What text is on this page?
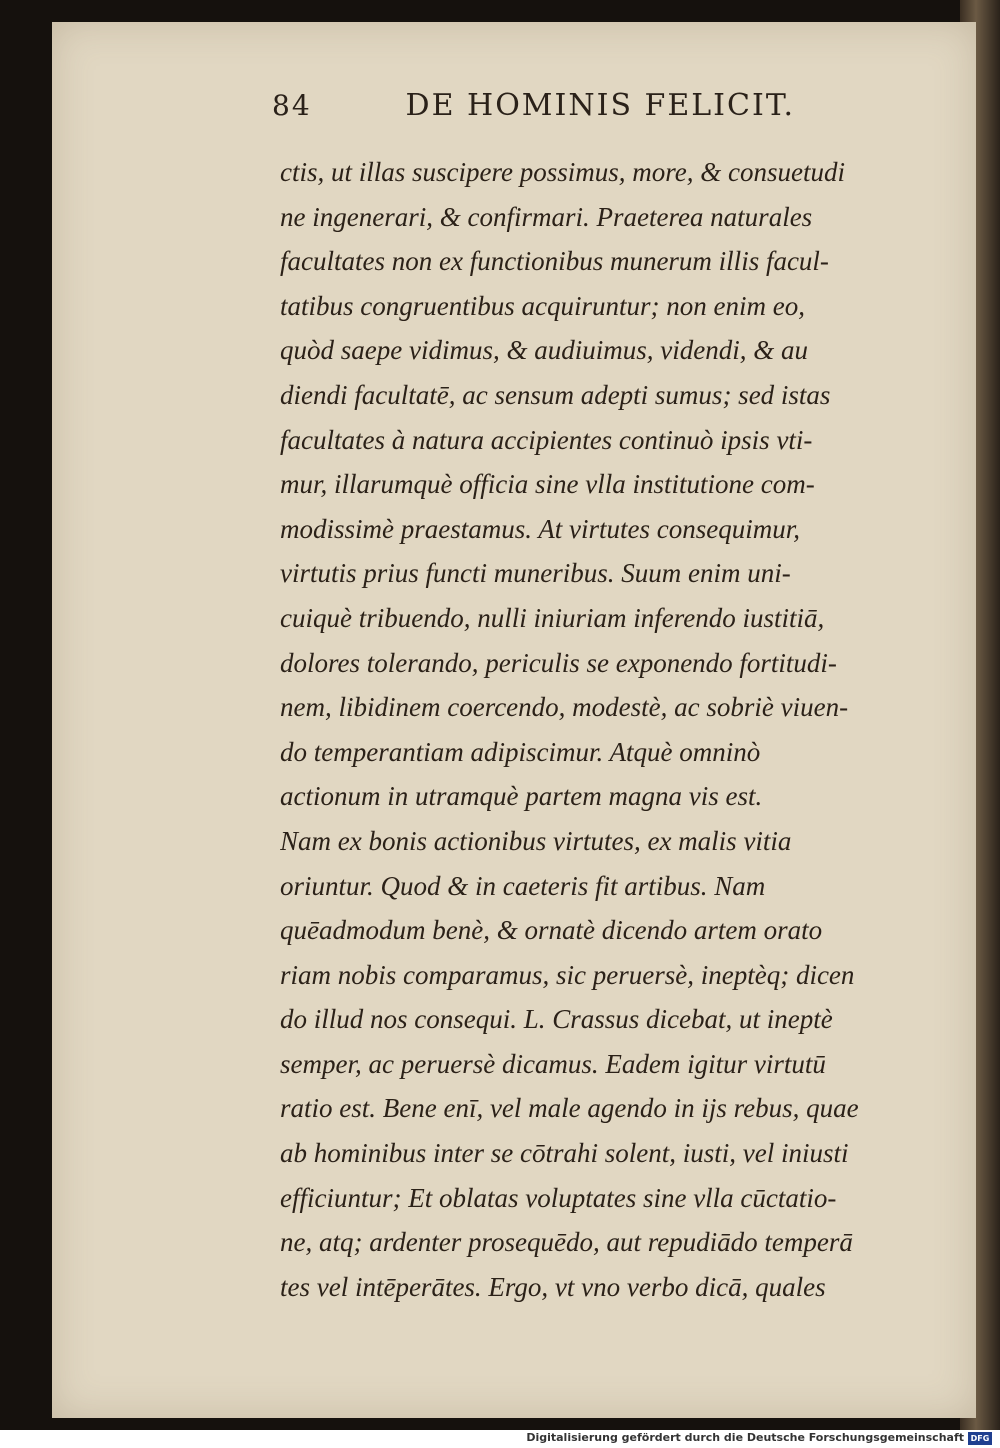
84	DE HOMINIS FELICIT.
ctis, ut illas suscipere possimus, more, & consuetudi
ne ingenerari, & confirmari. Praeterea naturales
facultates non ex functionibus munerum illis facul-
tatibus congruentibus acquiruntur; non enim eo,
quòd saepe vidimus, & audiuimus, videndi, & au
diendi facultatē, ac sensum adepti sumus; sed istas
facultates à natura accipientes continuò ipsis vti-
mur, illarumquè officia sine vlla institutione com-
modissimè praestamus. At virtutes consequimur,
virtutis prius functi muneribus. Suum enim uni-
cuiquè tribuendo, nulli iniuriam inferendo iustitiā,
dolores tolerando, periculis se exponendo fortitudi-
nem, libidinem coercendo, modestè, ac sobriè viuen-
do temperantiam adipiscimur. Atquè omninò
actionum in utramquè partem magna vis est.
Nam ex bonis actionibus virtutes, ex malis vitia
oriuntur. Quod & in caeteris fit artibus. Nam
quēadmodum benè, & ornatè dicendo artem orato
riam nobis comparamus, sic peruersè, ineptèq; dicen
do illud nos consequi. L. Crassus dicebat, ut ineptè
semper, ac peruersè dicamus. Eadem igitur virtutū
ratio est. Bene enī, vel male agendo in ijs rebus, quae
ab hominibus inter se cōtrahi solent, iusti, vel iniusti
efficiuntur; Et oblatas voluptates sine vlla cūctatio-
ne, atq; ardenter prosequēdo, aut repudiādo temperā
tes vel intēperātes. Ergo, vt vno verbo dicā, quales
Digitalisierung gefördert durch die Deutsche Forschungsgemeinschaft DFG
